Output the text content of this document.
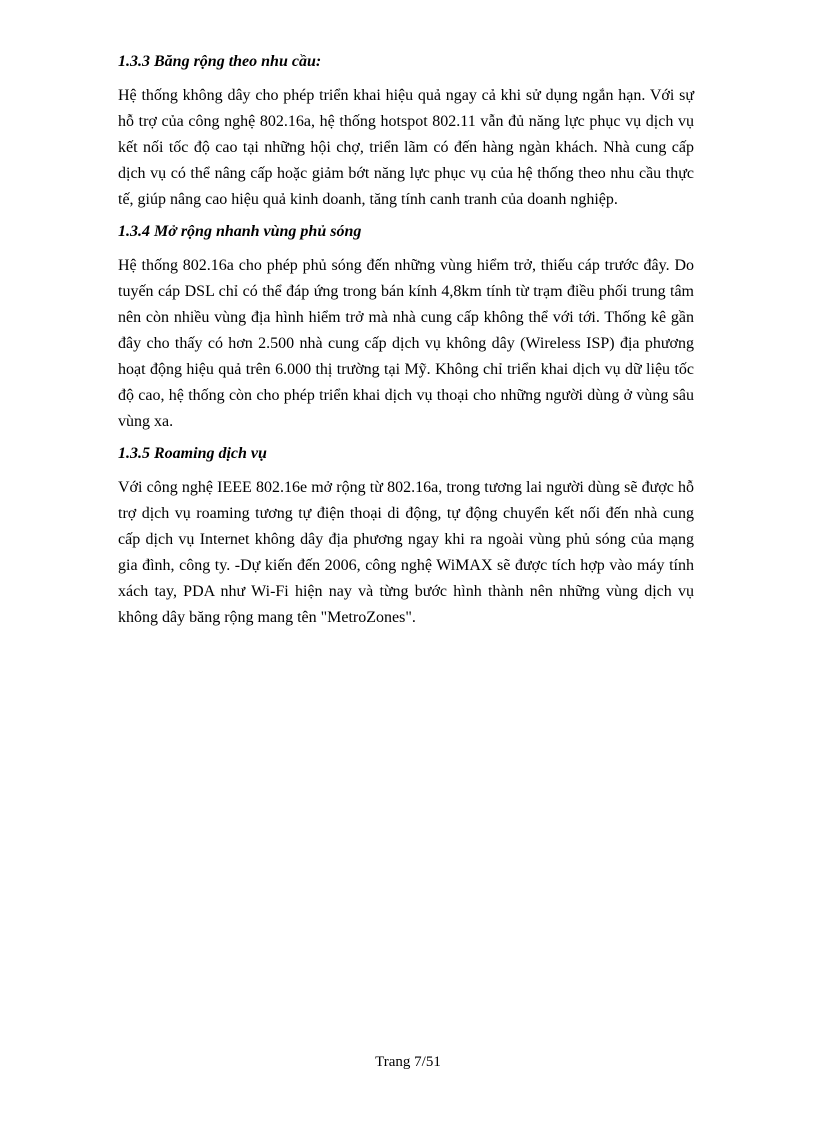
1.3.3 Băng rộng theo nhu cầu:
Hệ thống không dây cho phép triển khai hiệu quả ngay cả khi sử dụng ngắn hạn. Với sự hỗ trợ của công nghệ 802.16a, hệ thống hotspot 802.11 vẫn đủ năng lực phục vụ dịch vụ kết nối tốc độ cao tại những hội chợ, triển lãm có đến hàng ngàn khách. Nhà cung cấp dịch vụ có thể nâng cấp hoặc giảm bớt năng lực phục vụ của hệ thống theo nhu cầu thực tế, giúp nâng cao hiệu quả kinh doanh, tăng tính canh tranh của doanh nghiệp.
1.3.4 Mở rộng nhanh vùng phủ sóng
Hệ thống 802.16a cho phép phủ sóng đến những vùng hiểm trở, thiếu cáp trước đây. Do tuyến cáp DSL chỉ có thể đáp ứng trong bán kính 4,8km tính từ trạm điều phối trung tâm nên còn nhiều vùng địa hình hiểm trở mà nhà cung cấp không thể với tới. Thống kê gần đây cho thấy có hơn 2.500 nhà cung cấp dịch vụ không dây (Wireless ISP) địa phương hoạt động hiệu quả trên 6.000 thị trường tại Mỹ. Không chỉ triển khai dịch vụ dữ liệu tốc độ cao, hệ thống còn cho phép triển khai dịch vụ thoại cho những người dùng ở vùng sâu vùng xa.
1.3.5 Roaming dịch vụ
Với công nghệ IEEE 802.16e mở rộng từ 802.16a, trong tương lai người dùng sẽ được hỗ trợ dịch vụ roaming tương tự điện thoại di động, tự động chuyển kết nối đến nhà cung cấp dịch vụ Internet không dây địa phương ngay khi ra ngoài vùng phủ sóng của mạng gia đình, công ty. -Dự kiến đến 2006, công nghệ WiMAX sẽ được tích hợp vào máy tính xách tay, PDA như Wi-Fi hiện nay và từng bước hình thành nên những vùng dịch vụ không dây băng rộng mang tên "MetroZones".
Trang 7/51
